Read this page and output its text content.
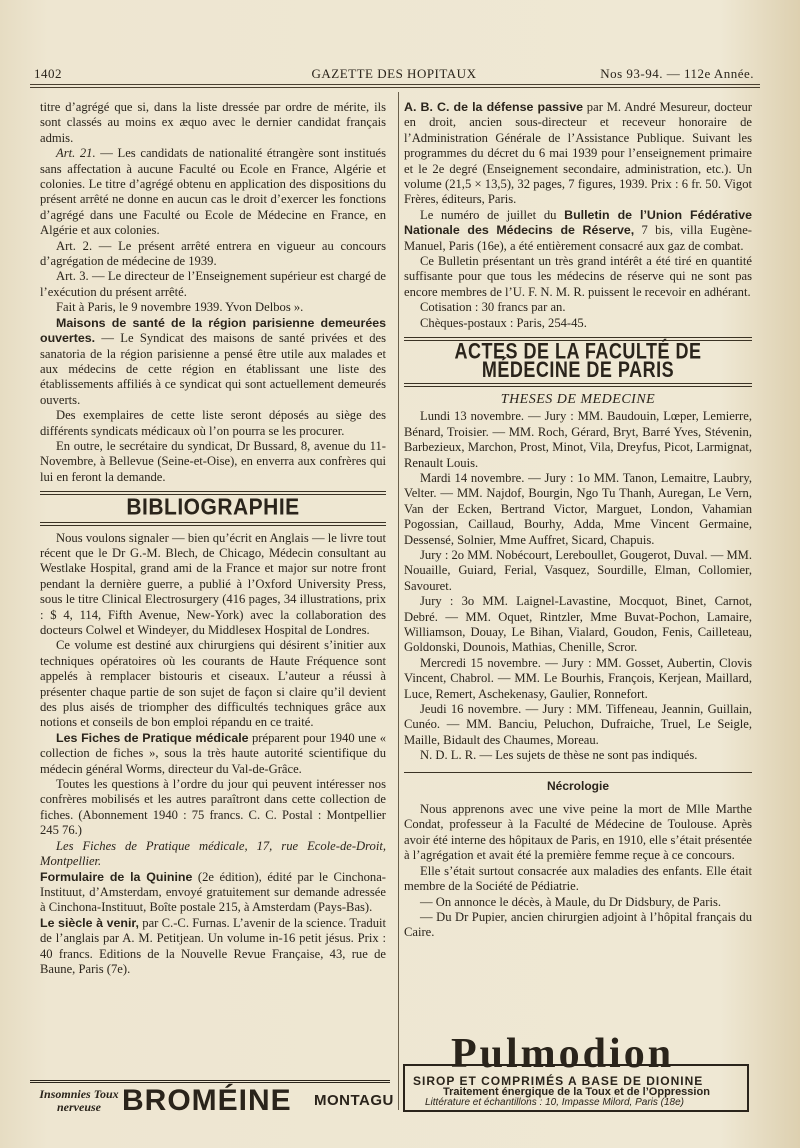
1402	GAZETTE DES HOPITAUX	Nos 93-94. — 112e Année.

titre d’agrégé que si, dans la liste dressée par ordre de mérite, ils sont classés au moins ex æquo avec le dernier candidat français admis.

Art. 21. — Les candidats de nationalité étrangère sont institués sans affectation à aucune Faculté ou Ecole en France, Algérie et colonies. Le titre d’agrégé obtenu en application des dispositions du présent arrêté ne donne en aucun cas le droit d’exercer les fonctions d’agrégé dans une Faculté ou Ecole de Médecine en France, en Algérie et aux colonies.

Art. 2. — Le présent arrêté entrera en vigueur au concours d’agrégation de médecine de 1939.

Art. 3. — Le directeur de l’Enseignement supérieur est chargé de l’exécution du présent arrêté.

Fait à Paris, le 9 novembre 1939. Yvon Delbos ».

Maisons de santé de la région parisienne demeurées ouvertes. — Le Syndicat des maisons de santé privées et des sanatoria de la région parisienne a pensé être utile aux malades et aux médecins de cette région en établissant une liste des établissements affiliés à ce syndicat qui sont actuellement demeurés ouverts.

Des exemplaires de cette liste seront déposés au siège des différents syndicats médicaux où l’on pourra se les procurer.

En outre, le secrétaire du syndicat, Dr Bussard, 8, avenue du 11-Novembre, à Bellevue (Seine-et-Oise), en enverra aux confrères qui lui en feront la demande.

BIBLIOGRAPHIE

Nous voulons signaler — bien qu’écrit en Anglais — le livre tout récent que le Dr G.-M. Blech, de Chicago, Médecin consultant au Westlake Hospital, grand ami de la France et major sur notre front pendant la dernière guerre, a publié à l’Oxford University Press, sous le titre Clinical Electrosurgery (416 pages, 34 illustrations, prix : $ 4, 114, Fifth Avenue, New-York) avec la collaboration des docteurs Colwel et Windeyer, du Middlesex Hospital de Londres.

Ce volume est destiné aux chirurgiens qui désirent s’initier aux techniques opératoires où les courants de Haute Fréquence sont appelés à remplacer bistouris et ciseaux. L’auteur a réussi à présenter chaque partie de son sujet de façon si claire qu’il devient des plus aisés de triompher des difficultés techniques grâce aux notions et conseils de bon emploi répandu en ce traité.

Les Fiches de Pratique médicale préparent pour 1940 une « collection de fiches », sous la très haute autorité scientifique du médecin général Worms, directeur du Val-de-Grâce.

Toutes les questions à l’ordre du jour qui peuvent intéresser nos confrères mobilisés et les autres paraîtront dans cette collection de fiches. (Abonnement 1940 : 75 francs. C. C. Postal : Montpellier 245 76.)

Les Fiches de Pratique médicale, 17, rue Ecole-de-Droit, Montpellier.

Formulaire de la Quinine (2e édition), édité par le Cinchona-Instituut, d’Amsterdam, envoyé gratuitement sur demande adressée à Cinchona-Instituut, Boîte postale 215, à Amsterdam (Pays-Bas).

Le siècle à venir, par C.-C. Furnas. L’avenir de la science. Traduit de l’anglais par A. M. Petitjean. Un volume in-16 petit jésus. Prix : 40 francs. Editions de la Nouvelle Revue Française, 43, rue de Baune, Paris (7e).

A. B. C. de la défense passive par M. André Mesureur, docteur en droit, ancien sous-directeur et receveur honoraire de l’Administration Générale de l’Assistance Publique. Suivant les programmes du décret du 6 mai 1939 pour l’enseignement primaire et le 2e degré (Enseignement secondaire, administration, etc.). Un volume (21,5 × 13,5), 32 pages, 7 figures, 1939. Prix : 6 fr. 50. Vigot Frères, éditeurs, Paris.

Le numéro de juillet du Bulletin de l’Union Fédérative Nationale des Médecins de Réserve, 7 bis, villa Eugène-Manuel, Paris (16e), a été entièrement consacré aux gaz de combat.

Ce Bulletin présentant un très grand intérêt a été tiré en quantité suffisante pour que tous les médecins de réserve qui ne sont pas encore membres de l’U. F. N. M. R. puissent le recevoir en adhérant.

Cotisation : 30 francs par an.

Chèques-postaux : Paris, 254-45.

ACTES DE LA FACULTÉ DE MÉDECINE DE PARIS
THESES DE MEDECINE

Lundi 13 novembre. — Jury : MM. Baudouin, Lœper, Lemierre, Bénard, Troisier. — MM. Roch, Gérard, Bryt, Barré Yves, Stévenin, Barbezieux, Marchon, Prost, Minot, Vila, Dreyfus, Picot, Larmignat, Renault Louis.

Mardi 14 novembre. — Jury : 1o MM. Tanon, Lemaitre, Laubry, Velter. — MM. Najdof, Bourgin, Ngo Tu Thanh, Auregan, Le Vern, Van der Ecken, Bertrand Victor, Marguet, London, Vahamian Pogossian, Caillaud, Bourhy, Adda, Mme Vincent Germaine, Dessensé, Solnier, Mme Auffret, Sicard, Chapuis.

Jury : 2o MM. Nobécourt, Lereboullet, Gougerot, Duval. — MM. Nouaille, Guiard, Ferial, Vasquez, Sourdille, Elman, Collomier, Savouret.

Jury : 3o MM. Laignel-Lavastine, Mocquot, Binet, Carnot, Debré. — MM. Oquet, Rintzler, Mme Buvat-Pochon, Lamaire, Williamson, Douay, Le Bihan, Vialard, Goudon, Fenis, Cailleteau, Goldonski, Dounois, Mathias, Chenille, Scror.

Mercredi 15 novembre. — Jury : MM. Gosset, Aubertin, Clovis Vincent, Chabrol. — MM. Le Bourhis, François, Kerjean, Maillard, Luce, Remert, Aschekenasy, Gaulier, Ronnefort.

Jeudi 16 novembre. — Jury : MM. Tiffeneau, Jeannin, Guillain, Cunéo. — MM. Banciu, Peluchon, Dufraiche, Truel, Le Seigle, Maille, Bidault des Chaumes, Moreau.

N. D. L. R. — Les sujets de thèse ne sont pas indiqués.

Nécrologie

Nous apprenons avec une vive peine la mort de Mlle Marthe Condat, professeur à la Faculté de Médecine de Toulouse. Après avoir été interne des hôpitaux de Paris, en 1910, elle s’était présentée à l’agrégation et avait été la première femme reçue à ce concours.

Elle s’était surtout consacrée aux maladies des enfants. Elle était membre de la Société de Pédiatrie.

— On annonce le décès, à Maule, du Dr Didsbury, de Paris.

— Du Dr Pupier, ancien chirurgien adjoint à l’hôpital français du Caire.

Insomnies Toux nerveuse BROMÉINE MONTAGU
Pulmodion
SIROP ET COMPRIMÉS A BASE DE DIONINE
Traitement énergique de la Toux et de l’Oppression
Littérature et échantillons : 10, Impasse Milord, Paris (18e)
